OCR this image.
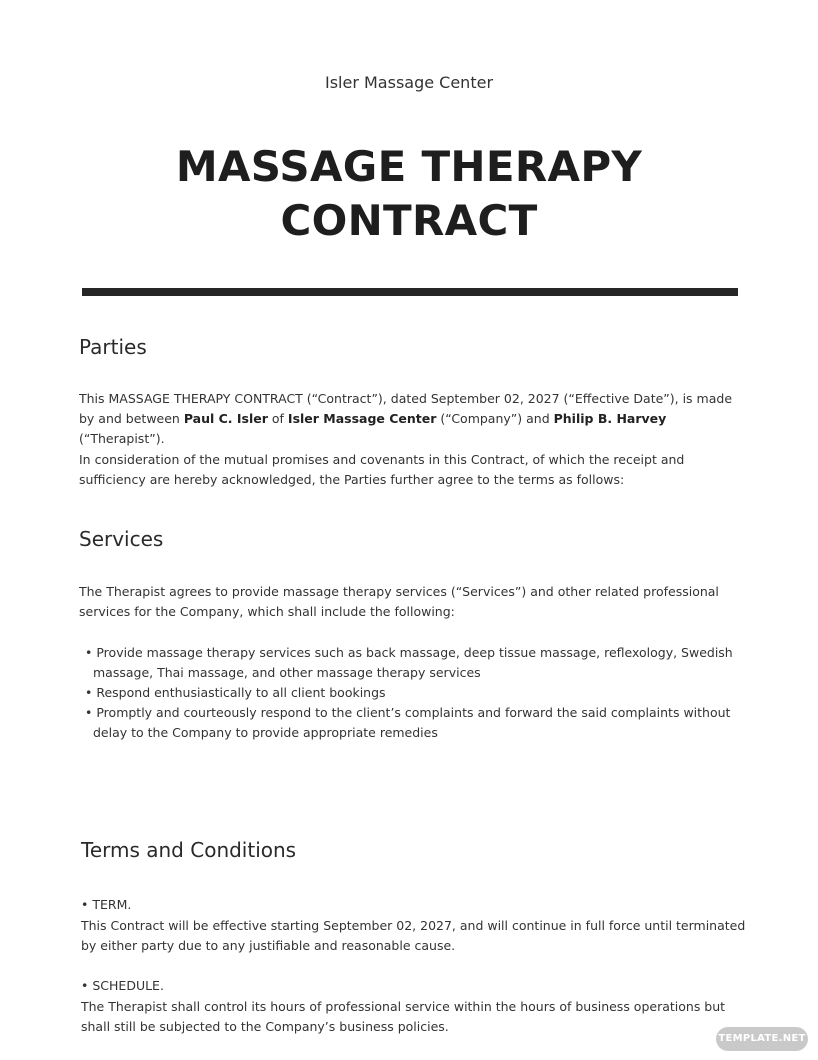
Isler Massage Center
MASSAGE THERAPY
CONTRACT
Parties
This MASSAGE THERAPY CONTRACT (“Contract”), dated September 02, 2027 (“Effective Date”), is made by and between Paul C. Isler of Isler Massage Center (“Company”) and Philip B. Harvey (“Therapist”).
In consideration of the mutual promises and covenants in this Contract, of which the receipt and sufficiency are hereby acknowledged, the Parties further agree to the terms as follows:
Services
The Therapist agrees to provide massage therapy services (“Services”) and other related professional services for the Company, which shall include the following:
• Provide massage therapy services such as back massage, deep tissue massage, reflexology, Swedish massage, Thai massage, and other massage therapy services
• Respond enthusiastically to all client bookings
• Promptly and courteously respond to the client’s complaints and forward the said complaints without delay to the Company to provide appropriate remedies
Terms and Conditions
• TERM.
This Contract will be effective starting September 02, 2027, and will continue in full force until terminated by either party due to any justifiable and reasonable cause.
• SCHEDULE.
The Therapist shall control its hours of professional service within the hours of business operations but shall still be subjected to the Company’s business policies.
TEMPLATE.NET
